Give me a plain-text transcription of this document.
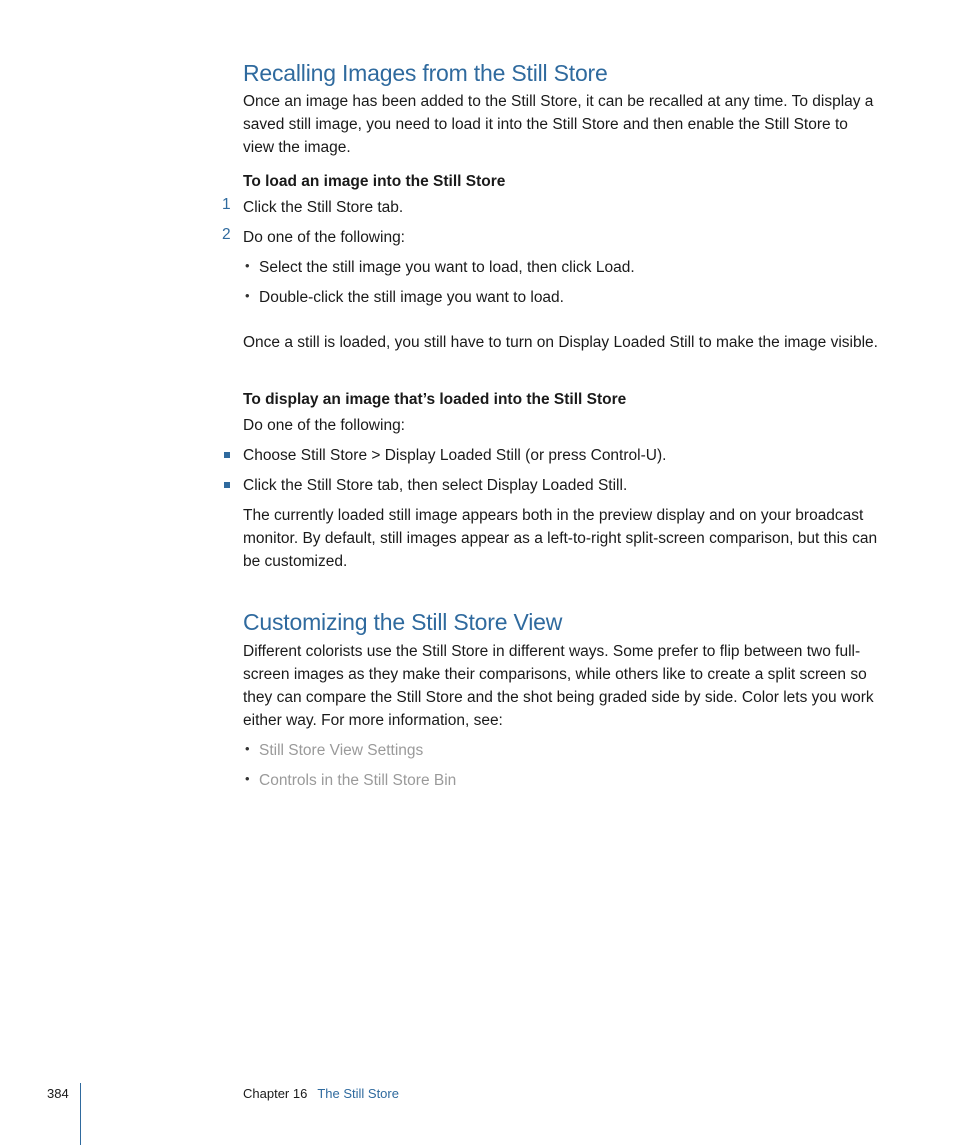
Recalling Images from the Still Store
Once an image has been added to the Still Store, it can be recalled at any time. To display a saved still image, you need to load it into the Still Store and then enable the Still Store to view the image.
To load an image into the Still Store
1 Click the Still Store tab.
2 Do one of the following:
• Select the still image you want to load, then click Load.
• Double-click the still image you want to load.
Once a still is loaded, you still have to turn on Display Loaded Still to make the image visible.
To display an image that’s loaded into the Still Store
Do one of the following:
Choose Still Store > Display Loaded Still (or press Control-U).
Click the Still Store tab, then select Display Loaded Still.
The currently loaded still image appears both in the preview display and on your broadcast monitor. By default, still images appear as a left-to-right split-screen comparison, but this can be customized.
Customizing the Still Store View
Different colorists use the Still Store in different ways. Some prefer to flip between two full-screen images as they make their comparisons, while others like to create a split screen so they can compare the Still Store and the shot being graded side by side. Color lets you work either way. For more information, see:
• Still Store View Settings
• Controls in the Still Store Bin
384	Chapter 16 The Still Store
